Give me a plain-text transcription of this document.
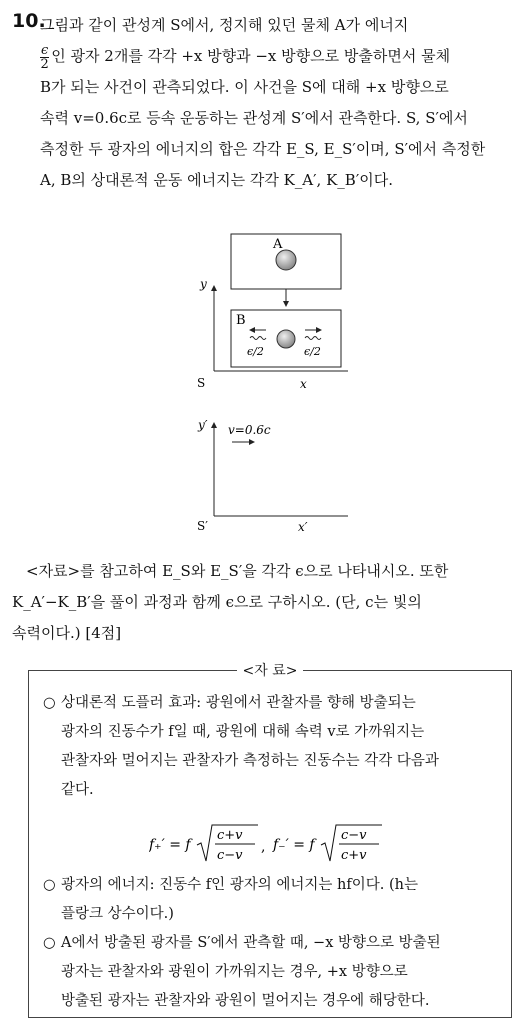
10.
그림과 같이 관성계 S에서, 정지해 있던 물체 A가 에너지
$\frac{\epsilon}{2}$ 인 광자 2개를 각각 +x 방향과 −x 방향으로 방출하면서 물체
B가 되는 사건이 관측되었다. 이 사건을 S에 대해 +x 방향으로
속력 v=0.6c로 등속 운동하는 관성계 S′에서 관측한다. S, S′에서
측정한 두 광자의 에너지의 합은 각각 E_S, E_S′이며, S′에서 측정한
A, B의 상대론적 운동 에너지는 각각 K_A′, K_B′이다.
A
y
B
ϵ/2	ϵ/2
S	x
y′ v=0.6c
S′	x′
<자료>를 참고하여 E_S와 E_S′을 각각 ϵ으로 나타내시오. 또한
K_A′−K_B′을 풀이 과정과 함께 ϵ으로 구하시오. (단, c는 빛의
속력이다.) [4점]
<자 료>
○ 상대론적 도플러 효과: 광원에서 관찰자를 향해 방출되는
광자의 진동수가 f일 때, 광원에 대해 속력 v로 가까워지는
관찰자와 멀어지는 관찰자가 측정하는 진동수는 각각 다음과
같다.
f₊′ = f
c+v
c−v
, f₋′ = f
c−v
c+v
○ 광자의 에너지: 진동수 f인 광자의 에너지는 hf이다. (h는
플랑크 상수이다.)
○ A에서 방출된 광자를 S′에서 관측할 때, −x 방향으로 방출된
광자는 관찰자와 광원이 가까워지는 경우, +x 방향으로
방출된 광자는 관찰자와 광원이 멀어지는 경우에 해당한다.
